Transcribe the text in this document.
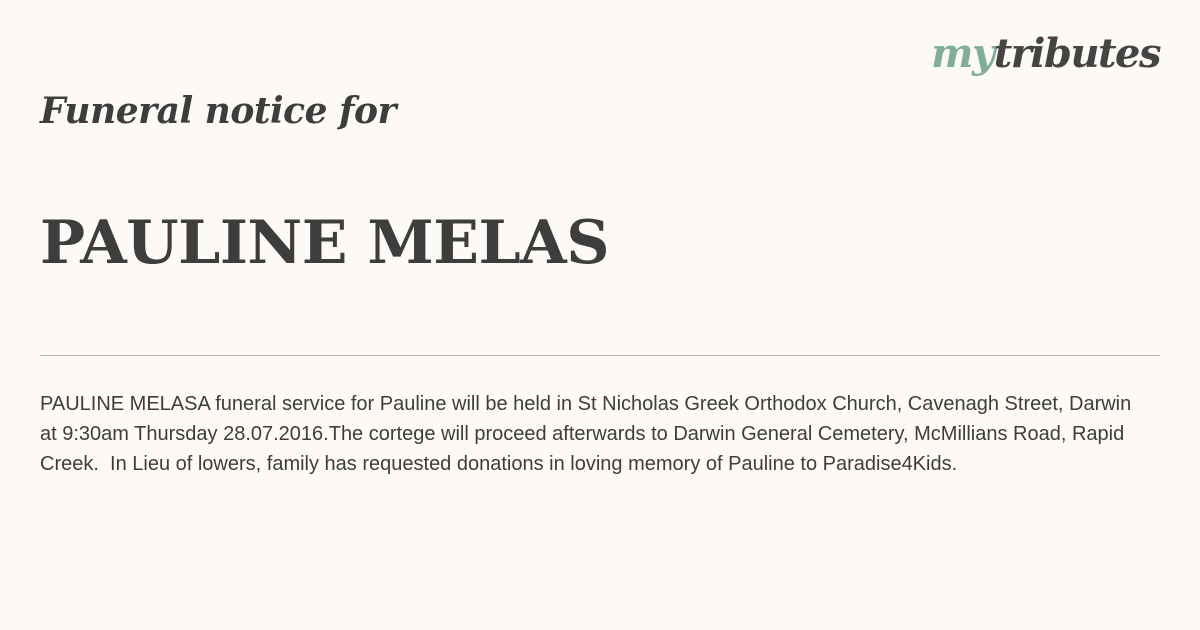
mytributes
Funeral notice for
PAULINE MELAS

PAULINE MELASA funeral service for Pauline will be held in St Nicholas Greek Orthodox Church, Cavenagh Street, Darwin at 9:30am Thursday 28.07.2016.The cortege will proceed afterwards to Darwin General Cemetery, McMillians Road, Rapid Creek.  In Lieu of lowers, family has requested donations in loving memory of Pauline to Paradise4Kids.
